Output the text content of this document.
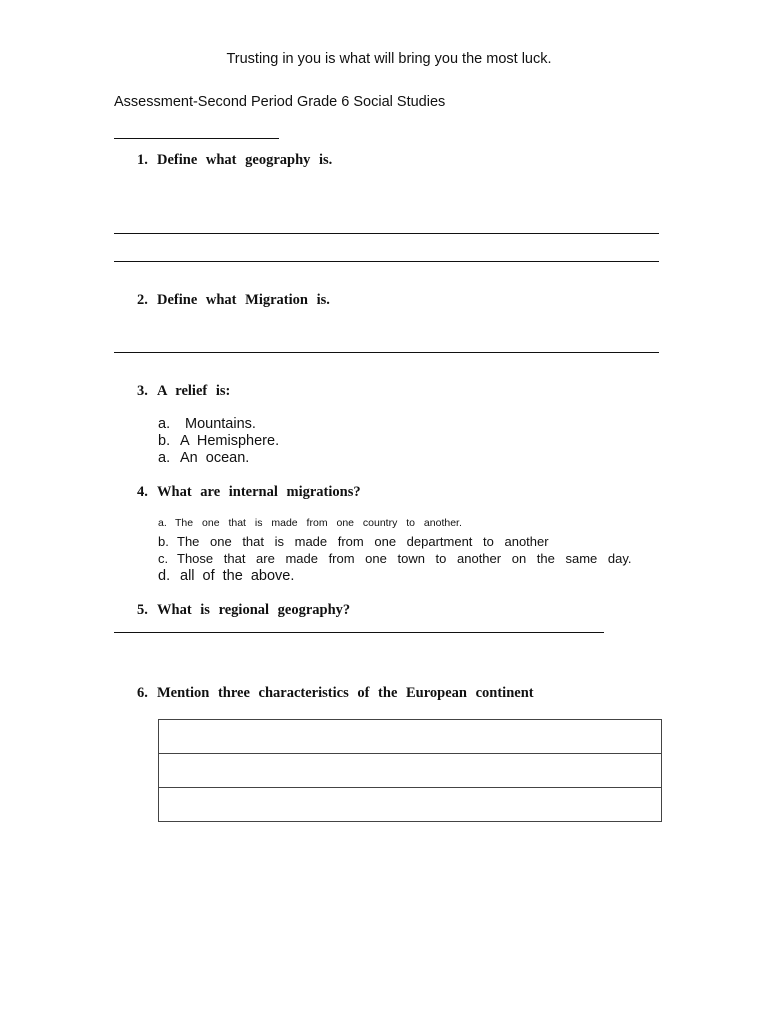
Trusting in you is what will bring you the most luck.

Assessment-Second Period Grade 6 Social Studies

1. Define what geography is.

2. Define what Migration is.

3. A relief is:

a. Mountains.

b. A Hemisphere.

a. An ocean.

4. What are internal migrations?

a. The one that is made from one country to another.

b. The one that is made from one department to another

c. Those that are made from one town to another on the same day.

d. all of the above.

5. What is regional geography?

6. Mention three characteristics of the European continent
